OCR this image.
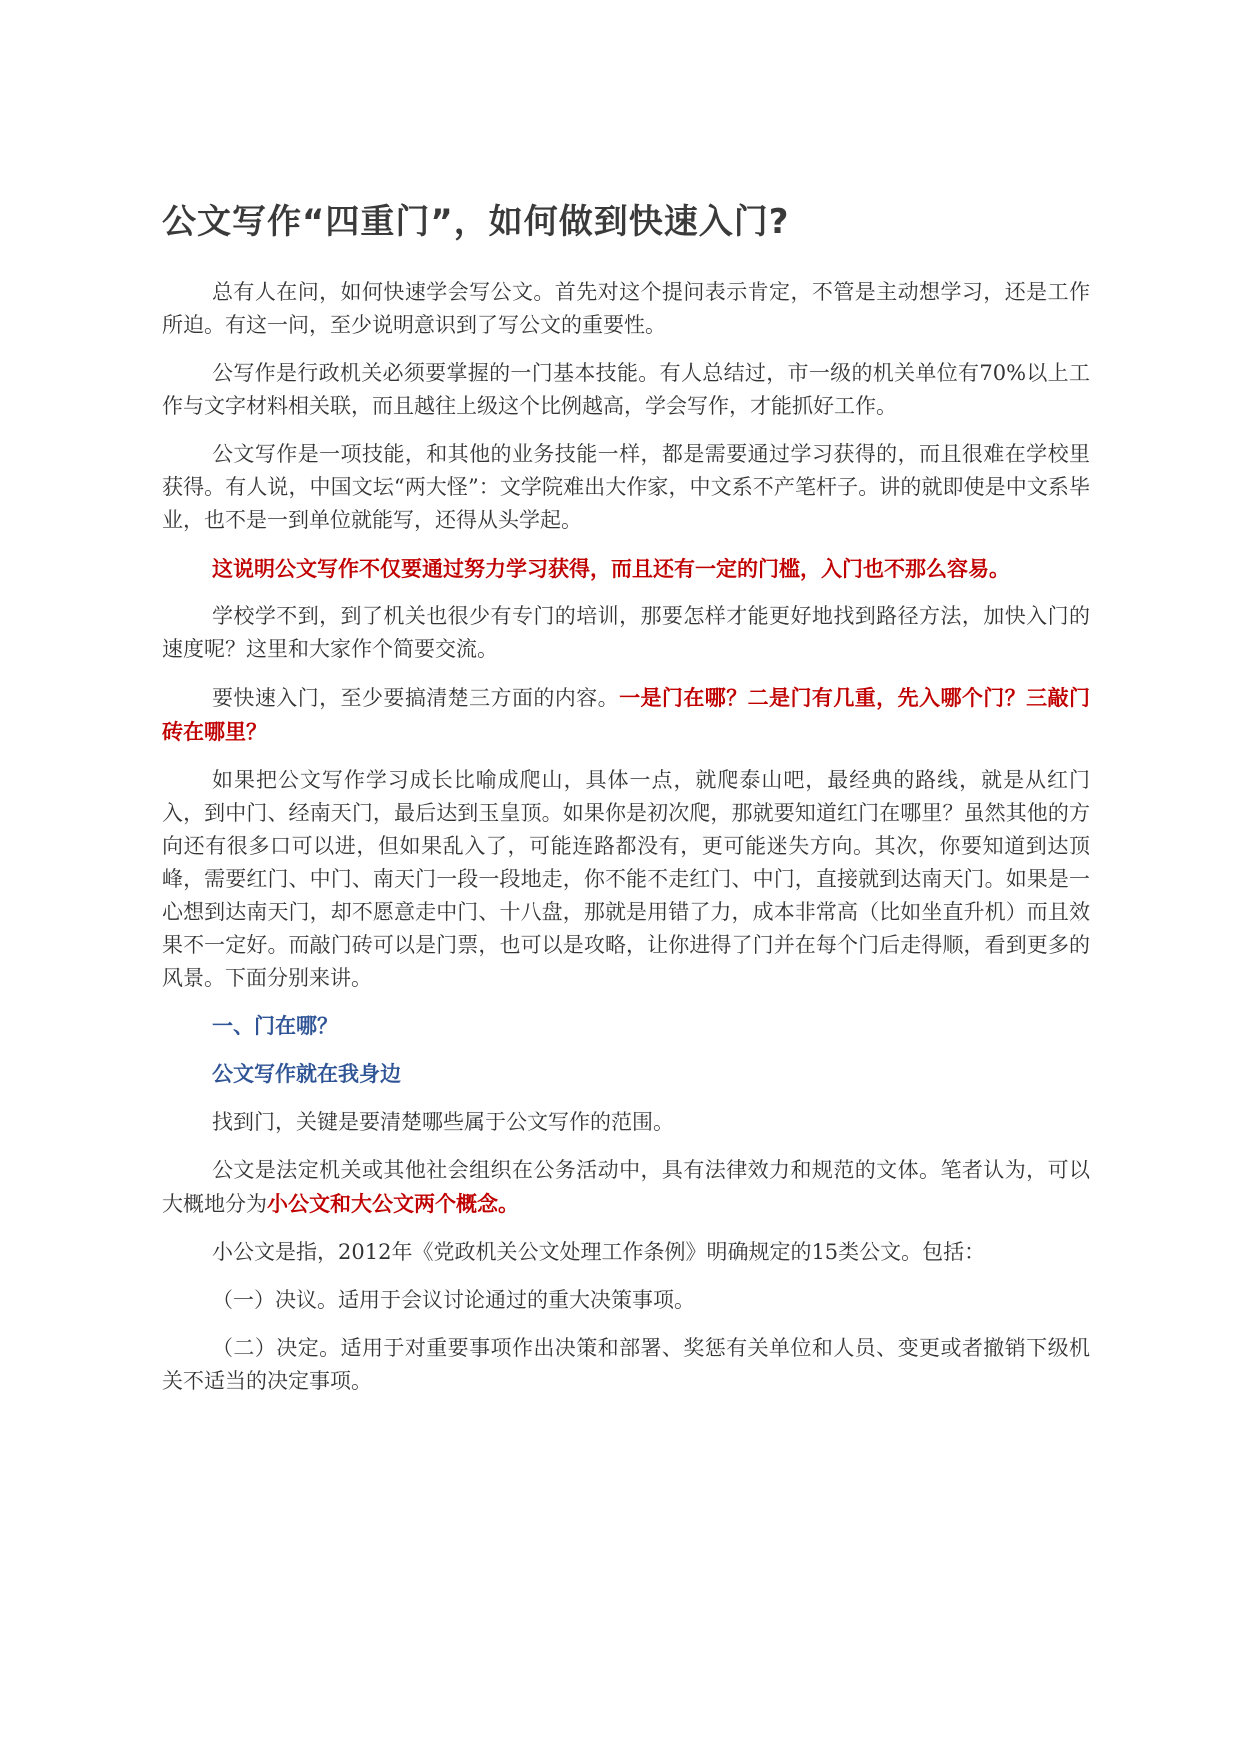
公文写作“四重门”，如何做到快速入门?

总有人在问，如何快速学会写公文。首先对这个提问表示肯定，不管是主动想学习，还是工作所迫。有这一问，至少说明意识到了写公文的重要性。

公写作是行政机关必须要掌握的一门基本技能。有人总结过，市一级的机关单位有70%以上工作与文字材料相关联，而且越往上级这个比例越高，学会写作，才能抓好工作。

公文写作是一项技能，和其他的业务技能一样，都是需要通过学习获得的，而且很难在学校里获得。有人说，中国文坛“两大怪”：文学院难出大作家，中文系不产笔杆子。讲的就即使是中文系毕业，也不是一到单位就能写，还得从头学起。

这说明公文写作不仅要通过努力学习获得，而且还有一定的门槛，入门也不那么容易。

学校学不到，到了机关也很少有专门的培训，那要怎样才能更好地找到路径方法，加快入门的速度呢？这里和大家作个简要交流。

要快速入门，至少要搞清楚三方面的内容。一是门在哪？二是门有几重，先入哪个门？三敲门砖在哪里？

如果把公文写作学习成长比喻成爬山，具体一点，就爬泰山吧，最经典的路线，就是从红门入，到中门、经南天门，最后达到玉皇顶。如果你是初次爬，那就要知道红门在哪里？虽然其他的方向还有很多口可以进，但如果乱入了，可能连路都没有，更可能迷失方向。其次，你要知道到达顶峰，需要红门、中门、南天门一段一段地走，你不能不走红门、中门，直接就到达南天门。如果是一心想到达南天门，却不愿意走中门、十八盘，那就是用错了力，成本非常高（比如坐直升机）而且效果不一定好。而敲门砖可以是门票，也可以是攻略，让你进得了门并在每个门后走得顺，看到更多的风景。下面分别来讲。

一、门在哪？

公文写作就在我身边

找到门，关键是要清楚哪些属于公文写作的范围。

公文是法定机关或其他社会组织在公务活动中，具有法律效力和规范的文体。笔者认为，可以大概地分为小公文和大公文两个概念。

小公文是指，2012年《党政机关公文处理工作条例》明确规定的15类公文。包括：

（一）决议。适用于会议讨论通过的重大决策事项。

（二）决定。适用于对重要事项作出决策和部署、奖惩有关单位和人员、变更或者撤销下级机关不适当的决定事项。
